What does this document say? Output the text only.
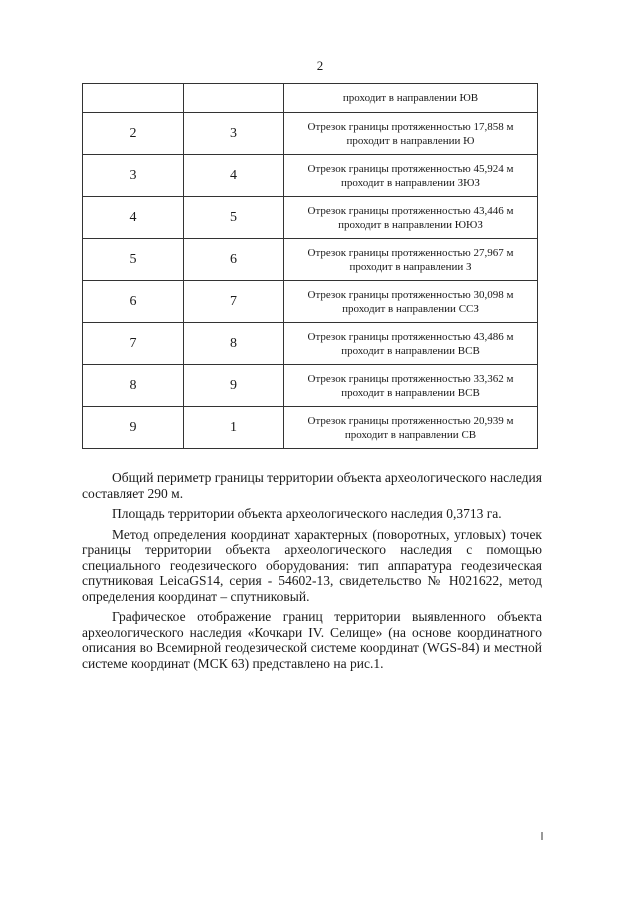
2
		проходит в направлении ЮВ
2	3	Отрезок границы протяженностью 17,858 м
проходит в направлении Ю
3	4	Отрезок границы протяженностью 45,924 м
проходит в направлении ЗЮЗ
4	5	Отрезок границы протяженностью 43,446 м
проходит в направлении ЮЮЗ
5	6	Отрезок границы протяженностью 27,967 м
проходит в направлении З
6	7	Отрезок границы протяженностью 30,098 м
проходит в направлении ССЗ
7	8	Отрезок границы протяженностью 43,486 м
проходит в направлении ВСВ
8	9	Отрезок границы протяженностью 33,362 м
проходит в направлении ВСВ
9	1	Отрезок границы протяженностью 20,939 м
проходит в направлении СВ

Общий периметр границы территории объекта археологического наследия составляет 290 м.

Площадь территории объекта археологического наследия 0,3713 га.

Метод определения координат характерных (поворотных, угловых) точек границы территории объекта археологического наследия с помощью специального геодезического оборудования: тип аппаратура геодезическая спутниковая LeicaGS14, серия - 54602-13, свидетельство № Н021622, метод определения координат – спутниковый.

Графическое отображение границ территории выявленного объекта археологического наследия «Кочкари IV. Селище» (на основе координатного описания во Всемирной геодезической системе координат (WGS-84) и местной системе координат (МСК 63) представлено на рис.1.
